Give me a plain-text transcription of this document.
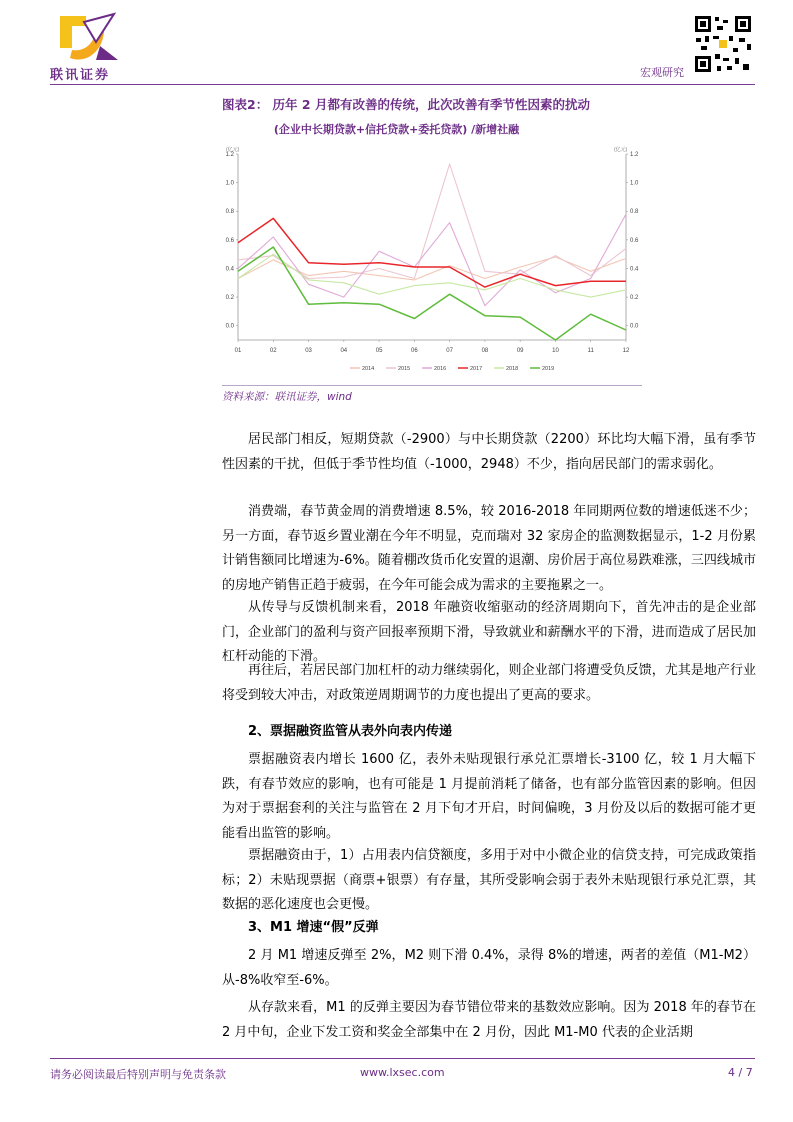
联讯证券	宏观研究
图表2： 历年 2 月都有改善的传统，此次改善有季节性因素的扰动
(企业中长期贷款+信托贷款+委托贷款) /新增社融
(亿元)	(亿元)
0.0	0.0
0.2	0.2
0.4	0.4
0.6	0.6
0.8	0.8
1.0	1.0
1.2	1.2
01	02	03	04	05	06	07	08	09	10	11	12
2014	2015	2016	2017	2018	2019
资料来源：联讯证券，wind
居民部门相反，短期贷款（-2900）与中长期贷款（2200）环比均大幅下滑，虽有季节性因素的干扰，但低于季节性均值（-1000，2948）不少，指向居民部门的需求弱化。
消费端，春节黄金周的消费增速 8.5%，较 2016-2018 年同期两位数的增速低迷不少；另一方面，春节返乡置业潮在今年不明显，克而瑞对 32 家房企的监测数据显示，1-2 月份累计销售额同比增速为-6%。随着棚改货币化安置的退潮、房价居于高位易跌难涨，三四线城市的房地产销售正趋于疲弱，在今年可能会成为需求的主要拖累之一。
从传导与反馈机制来看，2018 年融资收缩驱动的经济周期向下，首先冲击的是企业部门，企业部门的盈利与资产回报率预期下滑，导致就业和薪酬水平的下滑，进而造成了居民加杠杆动能的下滑。
再往后，若居民部门加杠杆的动力继续弱化，则企业部门将遭受负反馈，尤其是地产行业将受到较大冲击，对政策逆周期调节的力度也提出了更高的要求。
2、票据融资监管从表外向表内传递
票据融资表内增长 1600 亿，表外未贴现银行承兑汇票增长-3100 亿，较 1 月大幅下跌，有春节效应的影响，也有可能是 1 月提前消耗了储备，也有部分监管因素的影响。但因为对于票据套利的关注与监管在 2 月下旬才开启，时间偏晚，3 月份及以后的数据可能才更能看出监管的影响。
票据融资由于，1）占用表内信贷额度，多用于对中小微企业的信贷支持，可完成政策指标；2）未贴现票据（商票+银票）有存量，其所受影响会弱于表外未贴现银行承兑汇票，其数据的恶化速度也会更慢。
3、M1 增速“假”反弹
2 月 M1 增速反弹至 2%，M2 则下滑 0.4%，录得 8%的增速，两者的差值（M1-M2）从-8%收窄至-6%。
从存款来看，M1 的反弹主要因为春节错位带来的基数效应影响。因为 2018 年的春节在 2 月中旬，企业下发工资和奖金全部集中在 2 月份，因此 M1-M0 代表的企业活期
请务必阅读最后特别声明与免责条款	www.lxsec.com	4 / 7
